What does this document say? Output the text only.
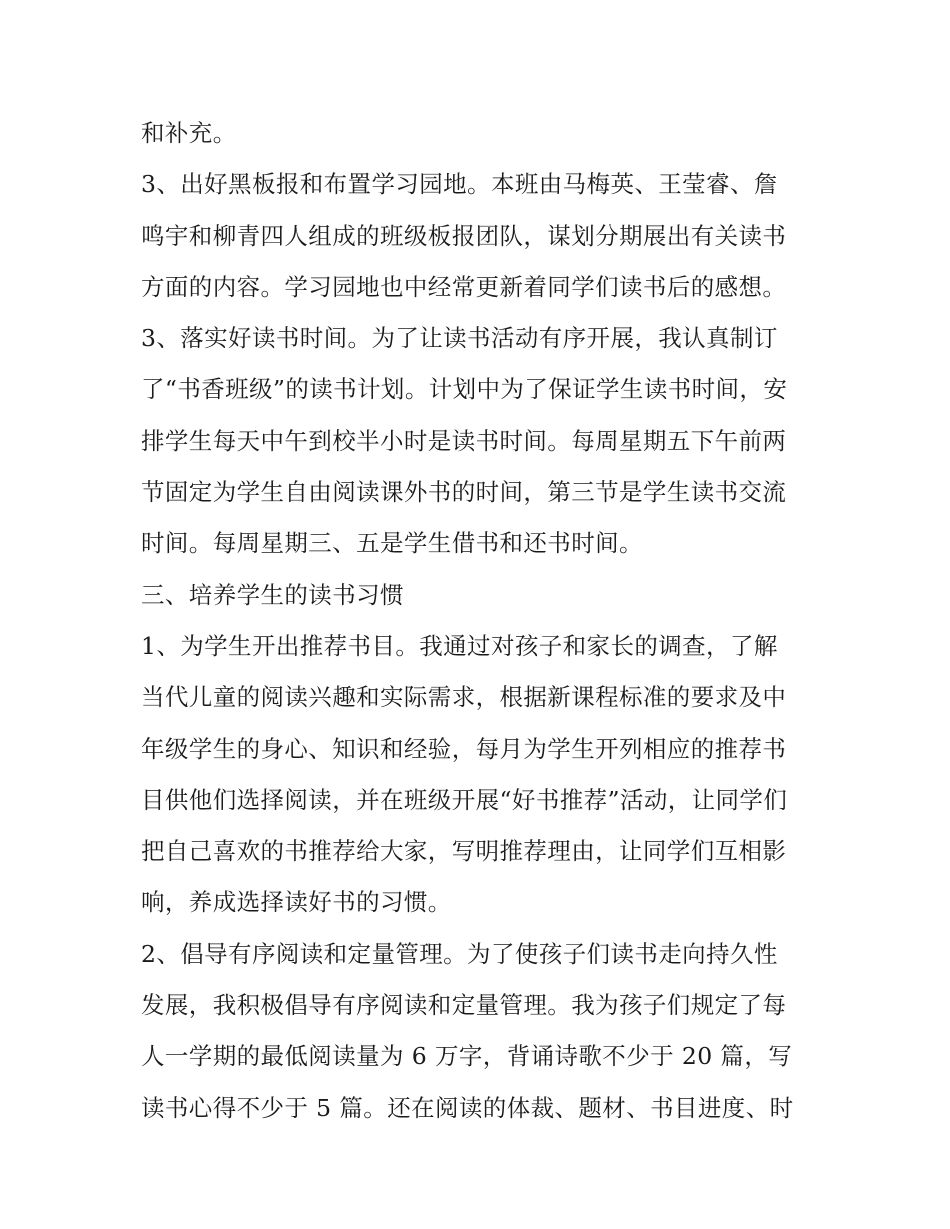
和补充。
3、出好黑板报和布置学习园地。本班由马梅英、王莹睿、詹
鸣宇和柳青四人组成的班级板报团队，谋划分期展出有关读书
方面的内容。学习园地也中经常更新着同学们读书后的感想。
3、落实好读书时间。为了让读书活动有序开展，我认真制订
了“书香班级”的读书计划。计划中为了保证学生读书时间，安
排学生每天中午到校半小时是读书时间。每周星期五下午前两
节固定为学生自由阅读课外书的时间，第三节是学生读书交流
时间。每周星期三、五是学生借书和还书时间。
三、培养学生的读书习惯
1、为学生开出推荐书目。我通过对孩子和家长的调查，了解
当代儿童的阅读兴趣和实际需求，根据新课程标准的要求及中
年级学生的身心、知识和经验，每月为学生开列相应的推荐书
目供他们选择阅读，并在班级开展“好书推荐”活动，让同学们
把自己喜欢的书推荐给大家，写明推荐理由，让同学们互相影
响，养成选择读好书的习惯。
2、倡导有序阅读和定量管理。为了使孩子们读书走向持久性
发展，我积极倡导有序阅读和定量管理。我为孩子们规定了每
人一学期的最低阅读量为 6 万字，背诵诗歌不少于 20 篇，写
读书心得不少于 5 篇。还在阅读的体裁、题材、书目进度、时
